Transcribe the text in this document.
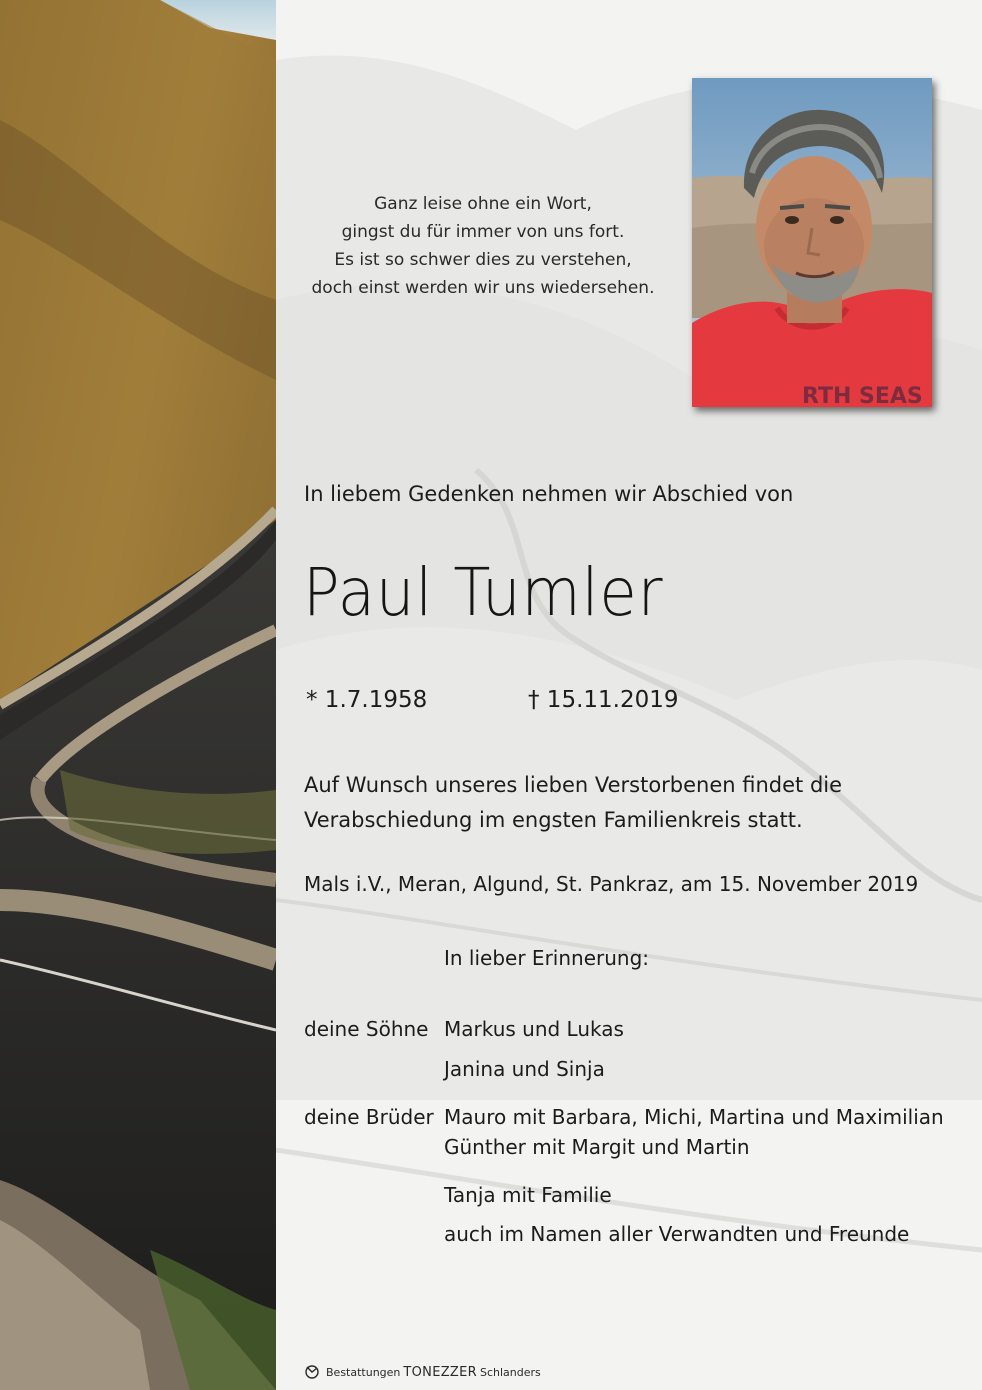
Ganz leise ohne ein Wort,
gingst du für immer von uns fort.
Es ist so schwer dies zu verstehen,
doch einst werden wir uns wiedersehen.
RTH SEAS
In liebem Gedenken nehmen wir Abschied von
Paul Tumler
* 1.7.1958	† 15.11.2019
Auf Wunsch unseres lieben Verstorbenen findet die
Verabschiedung im engsten Familienkreis statt.
Mals i.V., Meran, Algund, St. Pankraz, am 15. November 2019
In lieber Erinnerung:
deine Söhne Markus und Lukas
Janina und Sinja
deine Brüder Mauro mit Barbara, Michi, Martina und Maximilian
Günther mit Margit und Martin
Tanja mit Familie
auch im Namen aller Verwandten und Freunde
Bestattungen TONEZZER Schlanders
